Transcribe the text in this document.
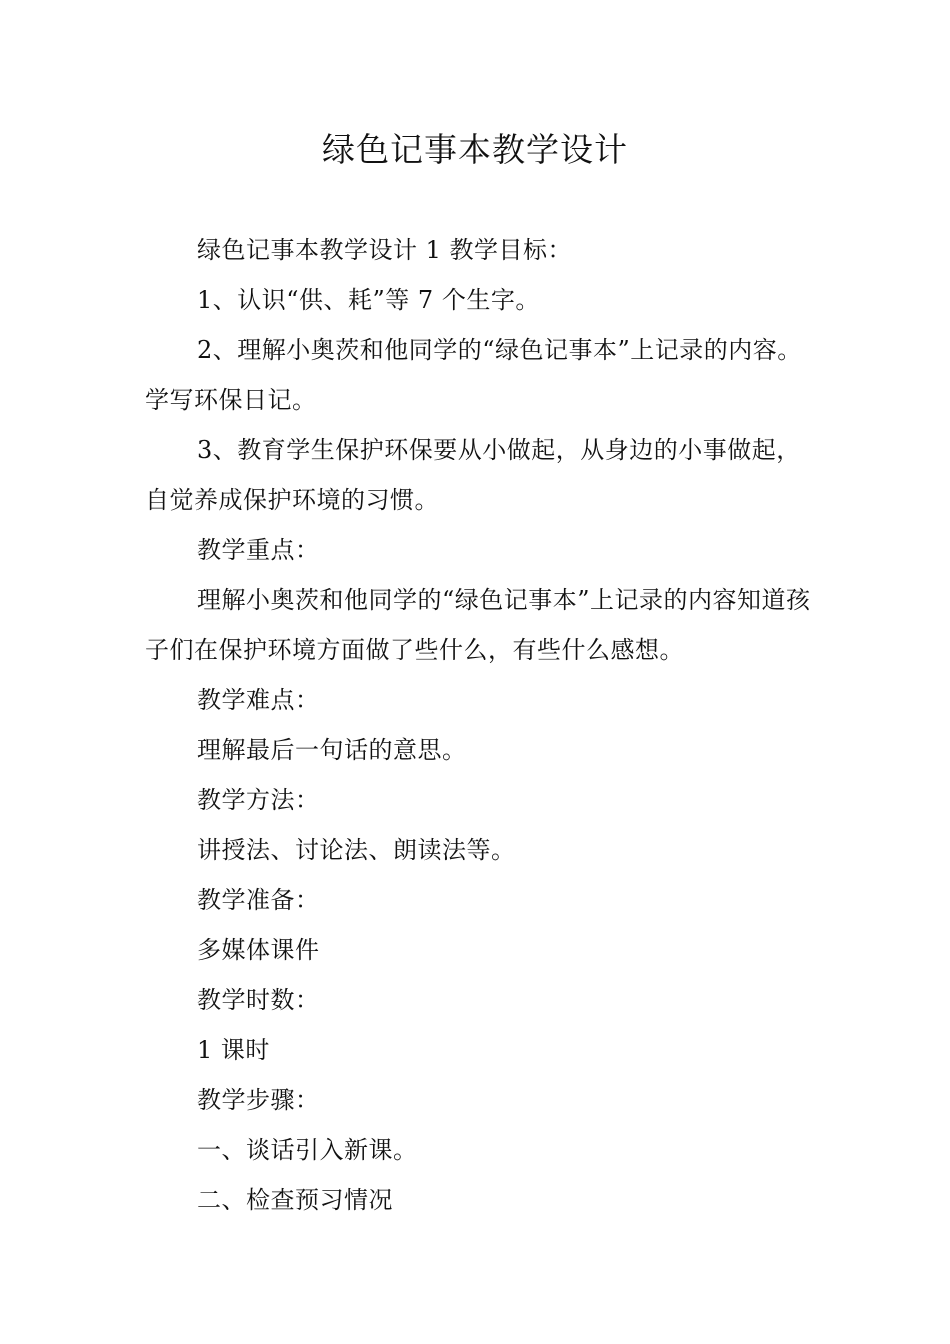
绿色记事本教学设计

绿色记事本教学设计 1 教学目标：

1、认识“供、耗”等 7 个生字。

2、理解小奥茨和他同学的“绿色记事本”上记录的内容。学写环保日记。

3、教育学生保护环保要从小做起，从身边的小事做起，自觉养成保护环境的习惯。

教学重点：

理解小奥茨和他同学的“绿色记事本”上记录的内容知道孩子们在保护环境方面做了些什么，有些什么感想。

教学难点：

理解最后一句话的意思。

教学方法：

讲授法、讨论法、朗读法等。

教学准备：

多媒体课件

教学时数：

1 课时

教学步骤：

一、谈话引入新课。

二、检查预习情况
